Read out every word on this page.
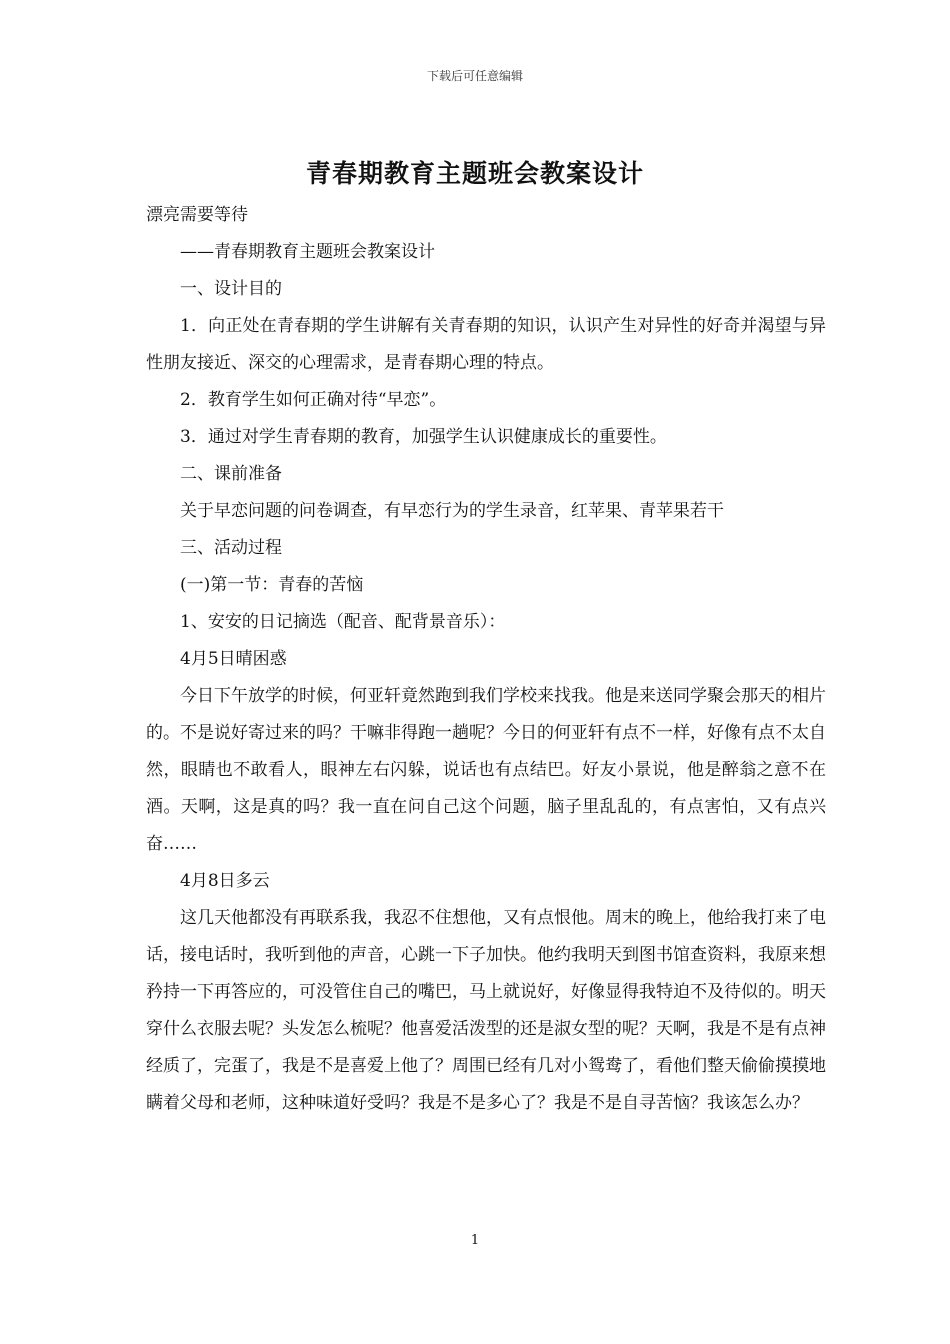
下载后可任意编辑
青春期教育主题班会教案设计

漂亮需要等待

——青春期教育主题班会教案设计

一、设计目的

1．向正处在青春期的学生讲解有关青春期的知识，认识产生对异性的好奇并渴望与异性朋友接近、深交的心理需求，是青春期心理的特点。

2．教育学生如何正确对待“早恋”。

3．通过对学生青春期的教育，加强学生认识健康成长的重要性。

二、课前准备

关于早恋问题的问卷调查，有早恋行为的学生录音，红苹果、青苹果若干

三、活动过程

(一)第一节：青春的苦恼

1、安安的日记摘选（配音、配背景音乐）：

4月5日晴困惑

今日下午放学的时候，何亚轩竟然跑到我们学校来找我。他是来送同学聚会那天的相片的。不是说好寄过来的吗？干嘛非得跑一趟呢？今日的何亚轩有点不一样，好像有点不太自然，眼睛也不敢看人，眼神左右闪躲，说话也有点结巴。好友小景说，他是醉翁之意不在酒。天啊，这是真的吗？我一直在问自己这个问题，脑子里乱乱的，有点害怕，又有点兴奋……

4月8日多云

这几天他都没有再联系我，我忍不住想他，又有点恨他。周末的晚上，他给我打来了电话，接电话时，我听到他的声音，心跳一下子加快。他约我明天到图书馆查资料，我原来想矜持一下再答应的，可没管住自己的嘴巴，马上就说好，好像显得我特迫不及待似的。明天穿什么衣服去呢？头发怎么梳呢？他喜爱活泼型的还是淑女型的呢？天啊，我是不是有点神经质了，完蛋了，我是不是喜爱上他了？周围已经有几对小鸳鸯了，看他们整天偷偷摸摸地瞒着父母和老师，这种味道好受吗？我是不是多心了？我是不是自寻苦恼？我该怎么办？

1
